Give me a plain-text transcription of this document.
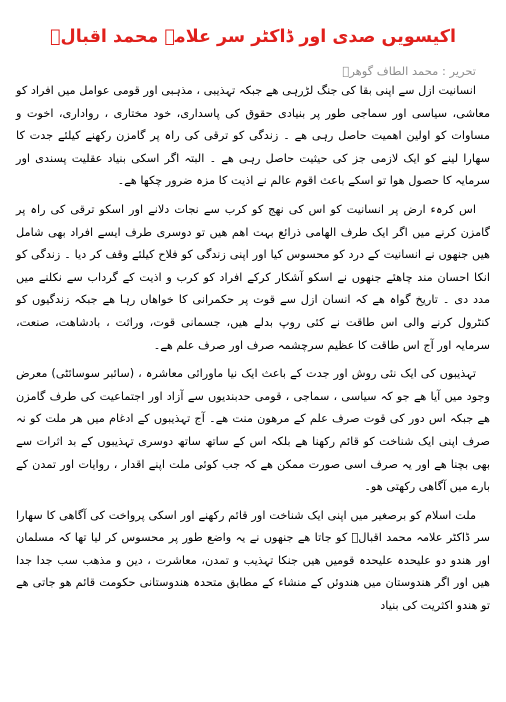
اکیسویں صدی اور ڈاکٹر سر علامہ محمد اقبالؒ
تحریر : محمد الطاف گوھرؔ

انسانیت ازل سے اپنی بقا کی جنگ لڑرہی ھے جبکہ تہذیبی ، مذہبی اور قومی عوامل میں افراد کو معاشی، سیاسی اور سماجی طور پر بنیادی حقوق کی پاسداری، خود مختاری ، رواداری، اخوت و مساوات کو اولین اھمیت حاصل رہی ھے ۔ زندگی کو ترقی کی راہ پر گامزن رکھنے کیلئے جدت کا سھارا لینے کو ایک لازمی جز کی حیثیت حاصل رہی ھے ۔ البتہ اگر اسکی بنیاد عقلیت پسندی اور سرمایہ کا حصول ھوا تو اسکے باعث اقوم عالم نے اذیت کا مزہ ضرور چکھا ھے۔

اس کرہء ارض پر انسانیت کو اس کی نھج کو کرب سے نجات دلانے اور اسکو ترقی کی راہ پر گامزن کرنے میں اگر ایک طرف الھامی ذرائع بہت اھم ھیں تو دوسری طرف ایسے افراد بھی شامل ھیں جنھوں نے انسانیت کے درد کو محسوس کیا اور اپنی زندگی کو فلاح کیلئے وقف کر دیا ۔ زندگی کو انکا احسان مند چاھئے جنھوں نے اسکو آشکار کرکے افراد کو کرب و اذیت کے گرداب سے نکلنے میں مدد دی ۔ تاریخ گواہ ھے کہ انسان ازل سے قوت پر حکمرانی کا خواھاں رہا ھے جبکہ زندگیوں کو کنٹرول کرنے والی اس طاقت نے کئی روپ بدلے ھیں، جسمانی قوت، وراثت ، بادشاھت، صنعت، سرمایہ اور آج اس طاقت کا عظیم سرچشمہ صرف اور صرف علم ھے۔

تہذیبوں کی ایک نئی روش اور جدت کے باعث ایک نیا ماورائی معاشرہ ، (سائبر سوسائٹی) معرض وجود میں آیا ھے جو کہ سیاسی ، سماجی ، قومی حدبندیوں سے آزاد اور اجتماعیت کی طرف گامزن ھے جبکہ اس دور کی قوت صرف علم کے مرھون منت ھے۔ آج تہذیبوں کے ادغام میں ھر ملت کو نہ صرف اپنی ایک شناخت کو قائم رکھنا ھے بلکہ اس کے ساتھ ساتھ دوسری تہذیبوں کے بد اثرات سے بھی بچنا ھے اور یہ صرف اسی صورت ممکن ھے کہ جب کوئی ملت اپنے اقدار ، روایات اور تمدن کے بارے میں آگاھی رکھتی ھو۔

ملت اسلام کو برصغیر میں اپنی ایک شناخت اور قائم رکھنے اور اسکی پرواخت کی آگاھی کا سھارا سر ڈاکٹر علامہ محمد اقبالؒ کو جاتا ھے جنھوں نے یہ واضع طور پر محسوس کر لیا تھا کہ مسلمان اور ھندو دو علیحدہ علیحدہ قومیں ھیں جنکا تہذیب و تمدن، معاشرت ، دین و مذھب سب جدا جدا ھیں اور اگر ھندوستان میں ھندوئں کے منشاء کے مطابق متحدہ ھندوستانی حکومت قائم ھو جاتی ھے تو ھندو اکثریت کی بنیاد
